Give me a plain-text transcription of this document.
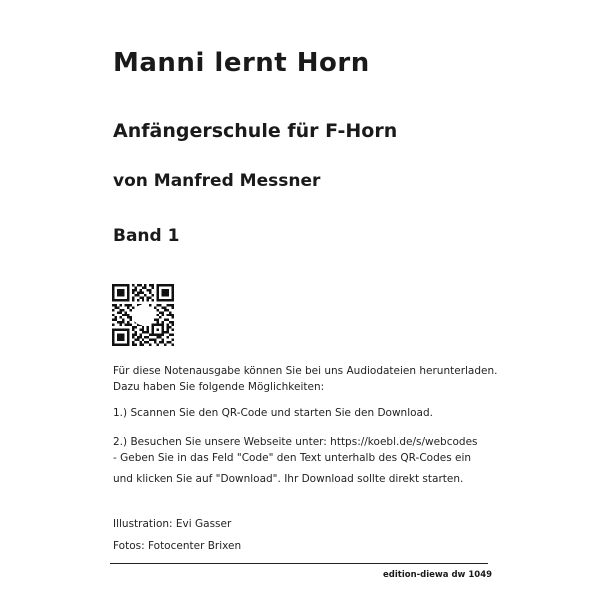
Manni lernt Horn
Anfängerschule für F-Horn
von Manfred Messner
Band 1
Für diese Notenausgabe können Sie bei uns Audiodateien herunterladen.
Dazu haben Sie folgende Möglichkeiten:
1.) Scannen Sie den QR-Code und starten Sie den Download.
2.) Besuchen Sie unsere Webseite unter: https://koebl.de/s/webcodes
- Geben Sie in das Feld "Code" den Text unterhalb des QR-Codes ein
und klicken Sie auf "Download". Ihr Download sollte direkt starten.
Illustration: Evi Gasser
Fotos: Fotocenter Brixen
edition-diewa dw 1049
